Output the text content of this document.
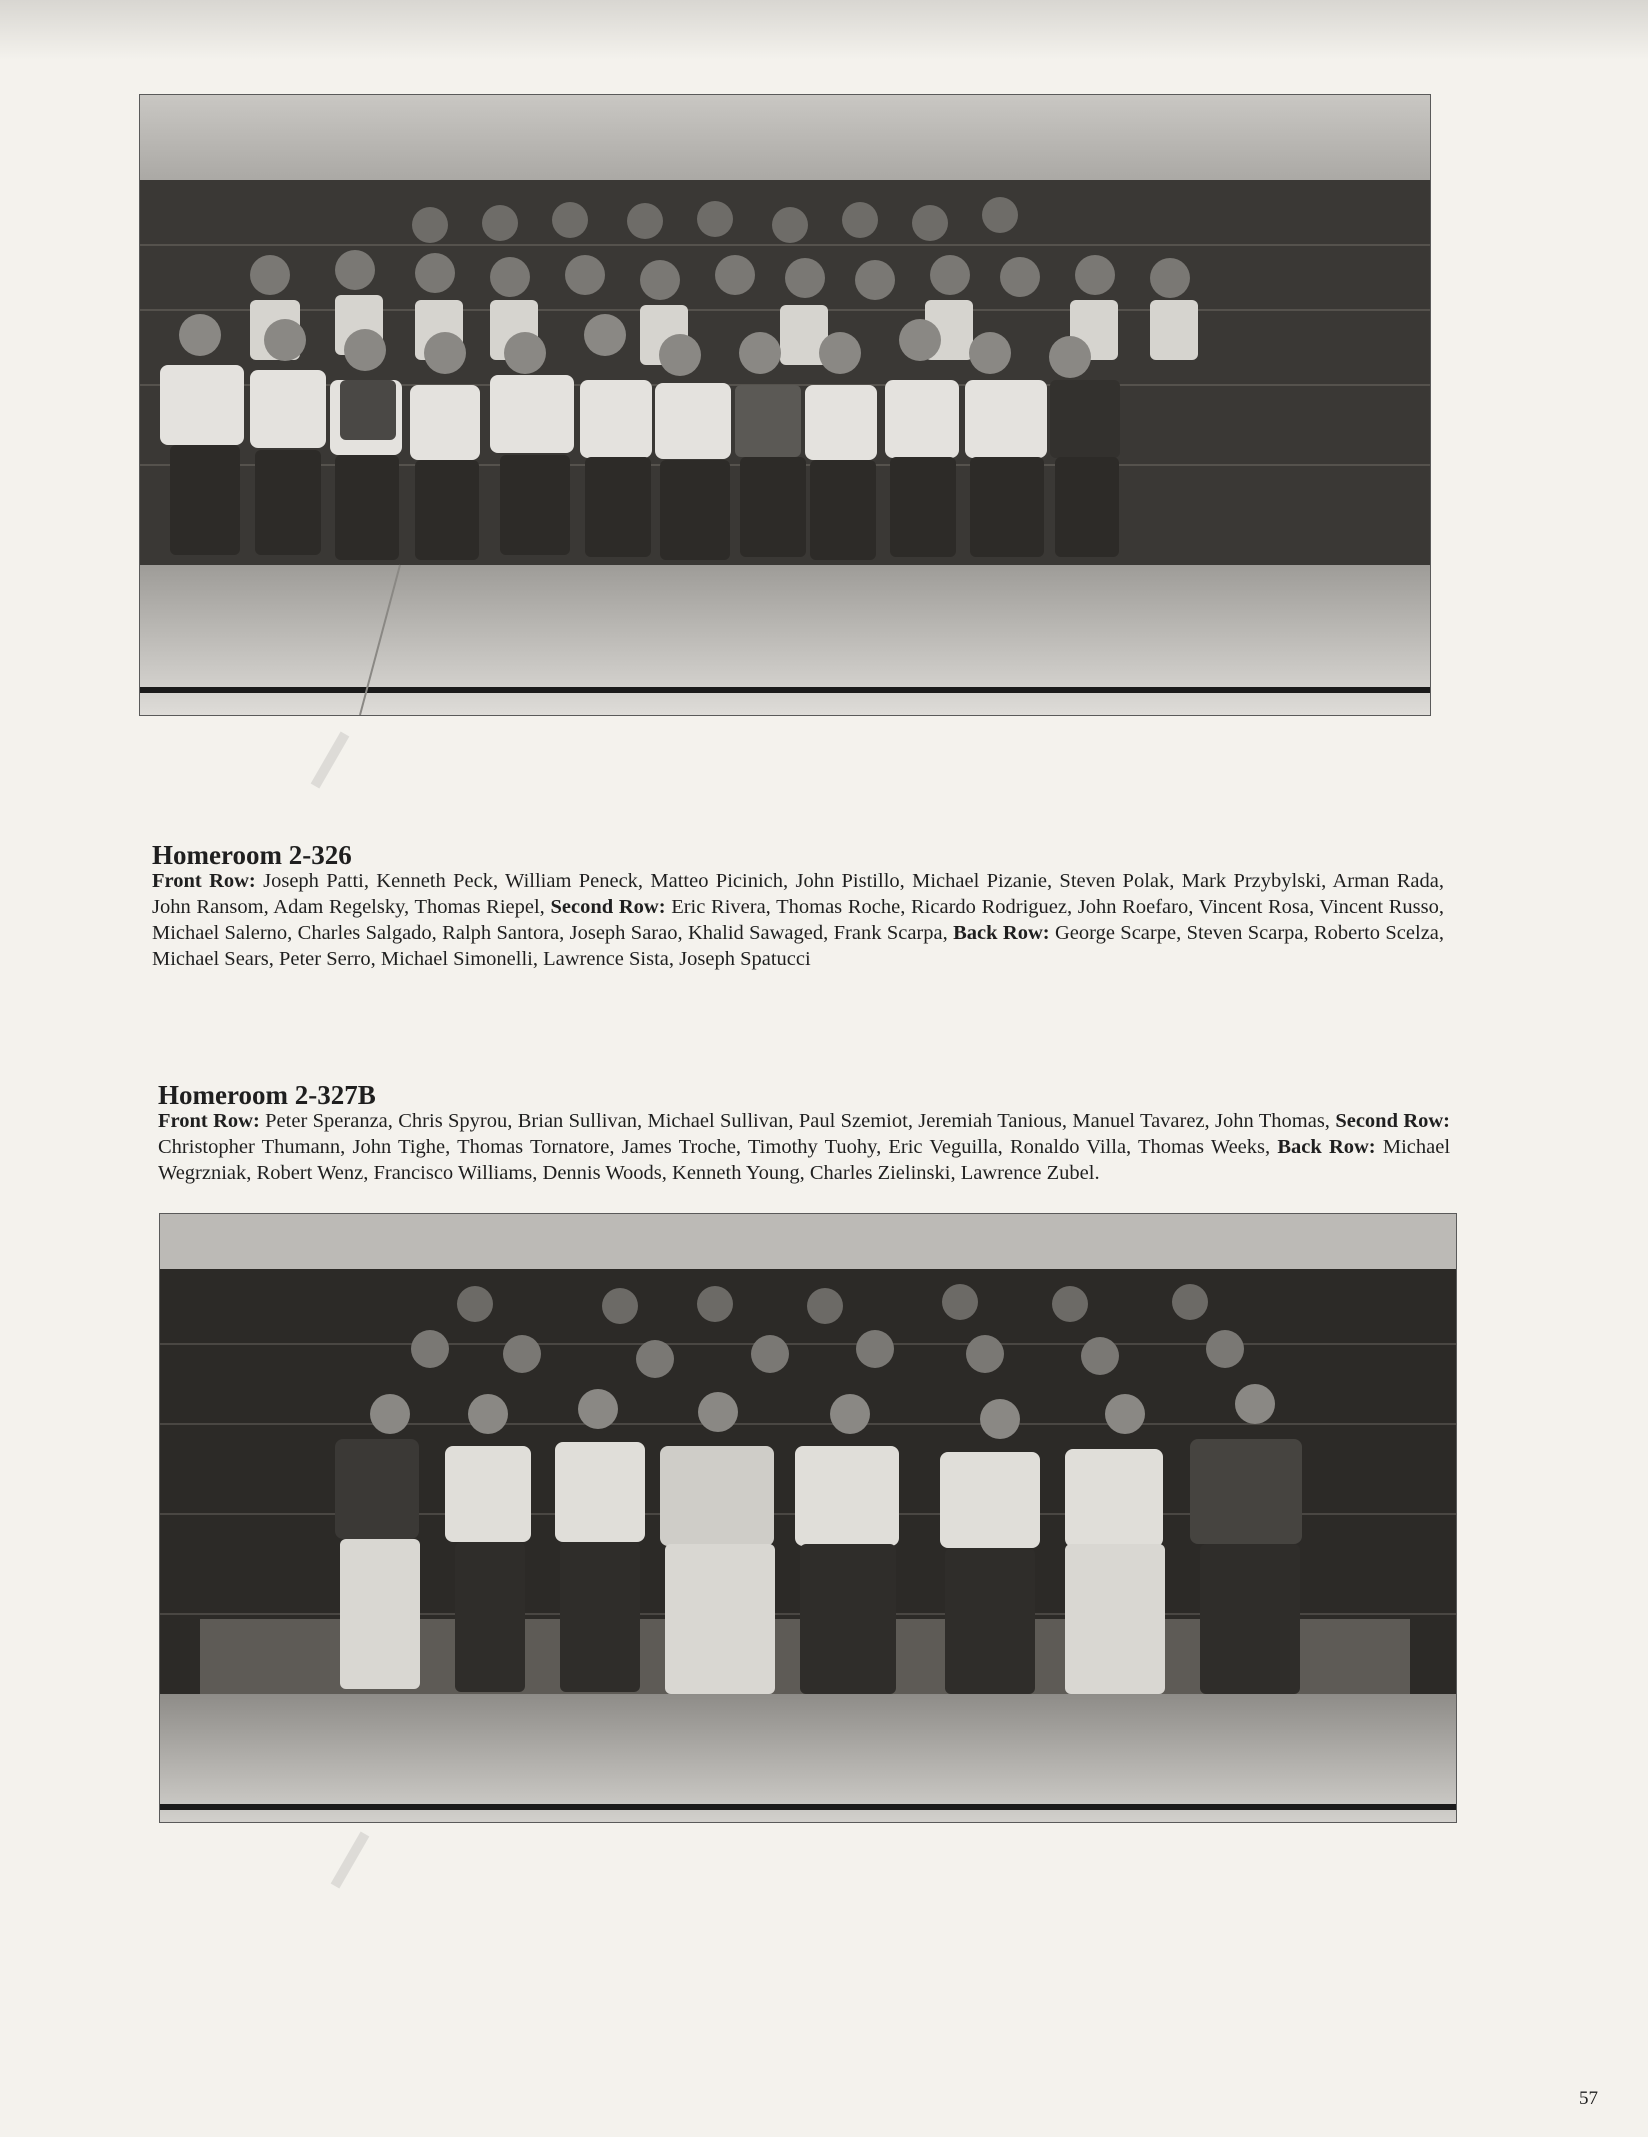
Homeroom 2-326
Front Row: Joseph Patti, Kenneth Peck, William Peneck, Matteo Picinich, John Pistillo, Michael Pizanie, Steven Polak, Mark Przybylski, Arman Rada, John Ransom, Adam Regelsky, Thomas Riepel, Second Row: Eric Rivera, Thomas Roche, Ricardo Rodriguez, John Roefaro, Vincent Rosa, Vincent Russo, Michael Salerno, Charles Salgado, Ralph Santora, Joseph Sarao, Khalid Sawaged, Frank Scarpa, Back Row: George Scarpe, Steven Scarpa, Roberto Scelza, Michael Sears, Peter Serro, Michael Simonelli, Lawrence Sista, Joseph Spatucci
Homeroom 2-327B
Front Row: Peter Speranza, Chris Spyrou, Brian Sullivan, Michael Sullivan, Paul Szemiot, Jeremiah Tanious, Manuel Tavarez, John Thomas, Second Row: Christopher Thumann, John Tighe, Thomas Tornatore, James Troche, Timothy Tuohy, Eric Veguilla, Ronaldo Villa, Thomas Weeks, Back Row: Michael Wegrzniak, Robert Wenz, Francisco Williams, Dennis Woods, Kenneth Young, Charles Zielinski, Lawrence Zubel.
57
